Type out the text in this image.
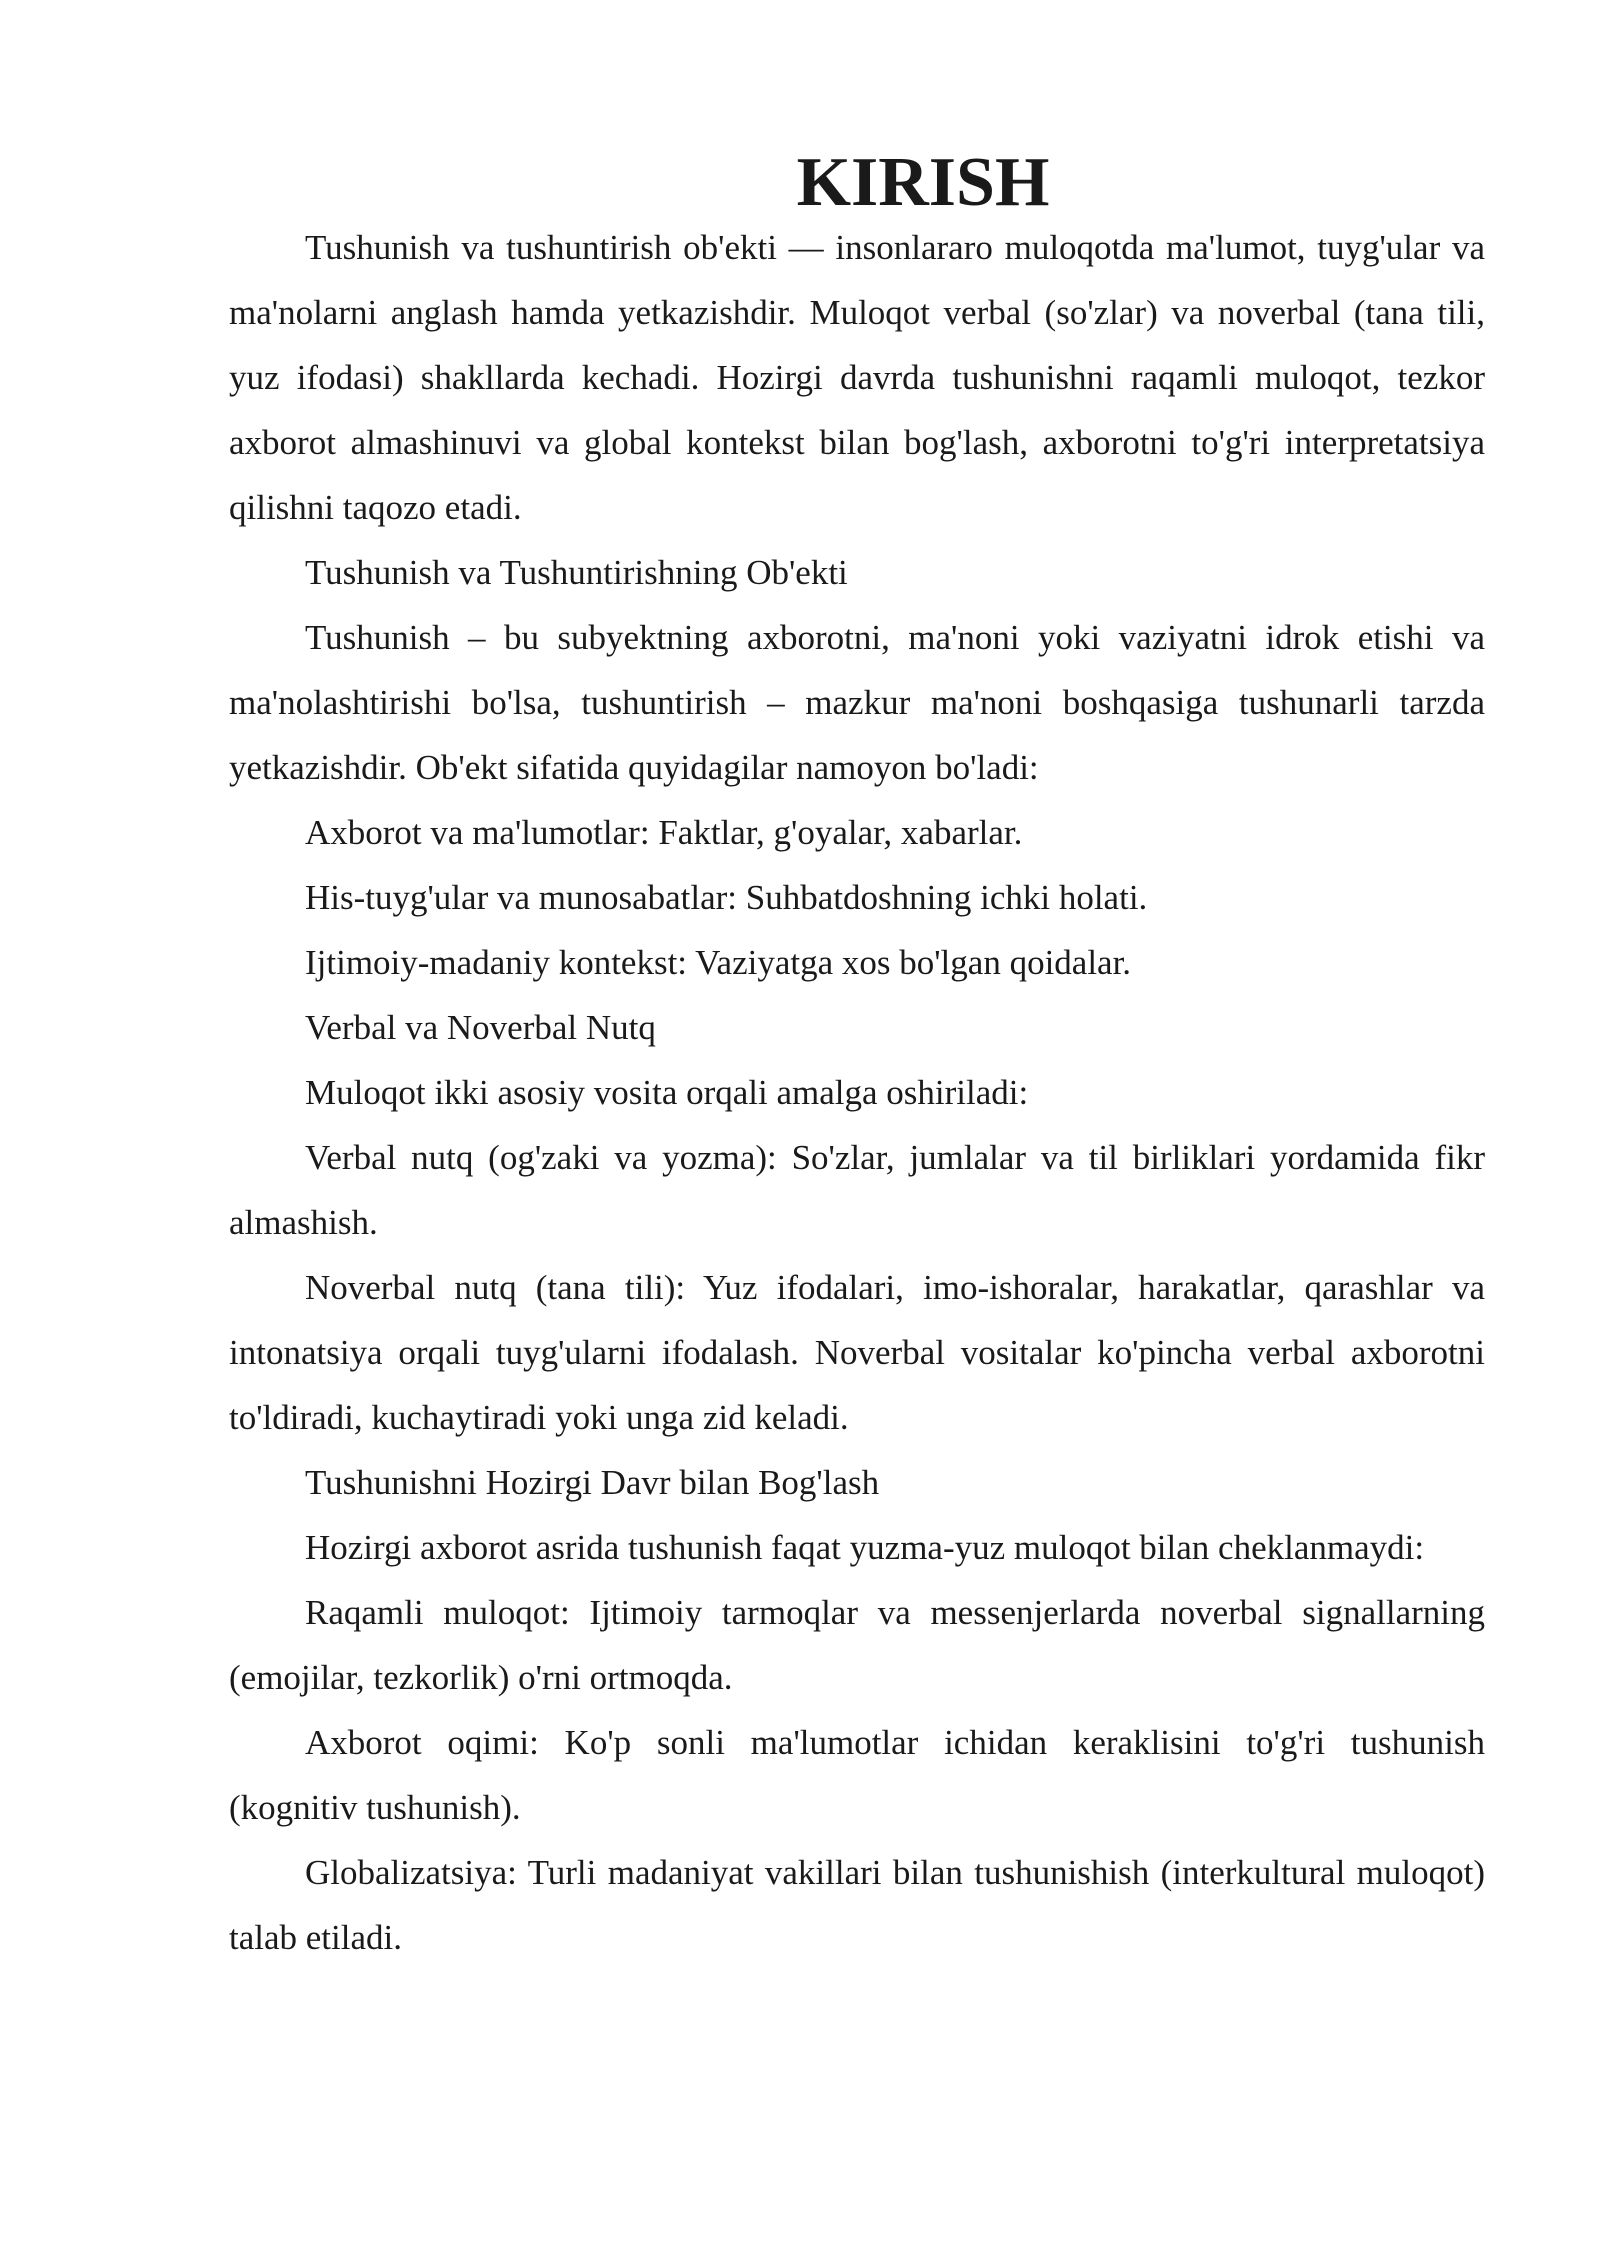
KIRISH

Tushunish va tushuntirish ob'ekti — insonlararo muloqotda ma'lumot, tuyg'ular va ma'nolarni anglash hamda yetkazishdir. Muloqot verbal (so'zlar) va noverbal (tana tili, yuz ifodasi) shakllarda kechadi. Hozirgi davrda tushunishni raqamli muloqot, tezkor axborot almashinuvi va global kontekst bilan bog'lash, axborotni to'g'ri interpretatsiya qilishni taqozo etadi.

Tushunish va Tushuntirishning Ob'ekti

Tushunish – bu subyektning axborotni, ma'noni yoki vaziyatni idrok etishi va ma'nolashtirishi bo'lsa, tushuntirish – mazkur ma'noni boshqasiga tushunarli tarzda yetkazishdir. Ob'ekt sifatida quyidagilar namoyon bo'ladi:

Axborot va ma'lumotlar: Faktlar, g'oyalar, xabarlar.

His-tuyg'ular va munosabatlar: Suhbatdoshning ichki holati.

Ijtimoiy-madaniy kontekst: Vaziyatga xos bo'lgan qoidalar.

Verbal va Noverbal Nutq

Muloqot ikki asosiy vosita orqali amalga oshiriladi:

Verbal nutq (og'zaki va yozma): So'zlar, jumlalar va til birliklari yordamida fikr almashish.

Noverbal nutq (tana tili): Yuz ifodalari, imo-ishoralar, harakatlar, qarashlar va intonatsiya orqali tuyg'ularni ifodalash. Noverbal vositalar ko'pincha verbal axborotni to'ldiradi, kuchaytiradi yoki unga zid keladi.

Tushunishni Hozirgi Davr bilan Bog'lash

Hozirgi axborot asrida tushunish faqat yuzma-yuz muloqot bilan cheklanmaydi:

Raqamli muloqot: Ijtimoiy tarmoqlar va messenjerlarda noverbal signallarning (emojilar, tezkorlik) o'rni ortmoqda.

Axborot oqimi: Ko'p sonli ma'lumotlar ichidan keraklisini to'g'ri tushunish (kognitiv tushunish).

Globalizatsiya: Turli madaniyat vakillari bilan tushunishish (interkultural muloqot) talab etiladi.
